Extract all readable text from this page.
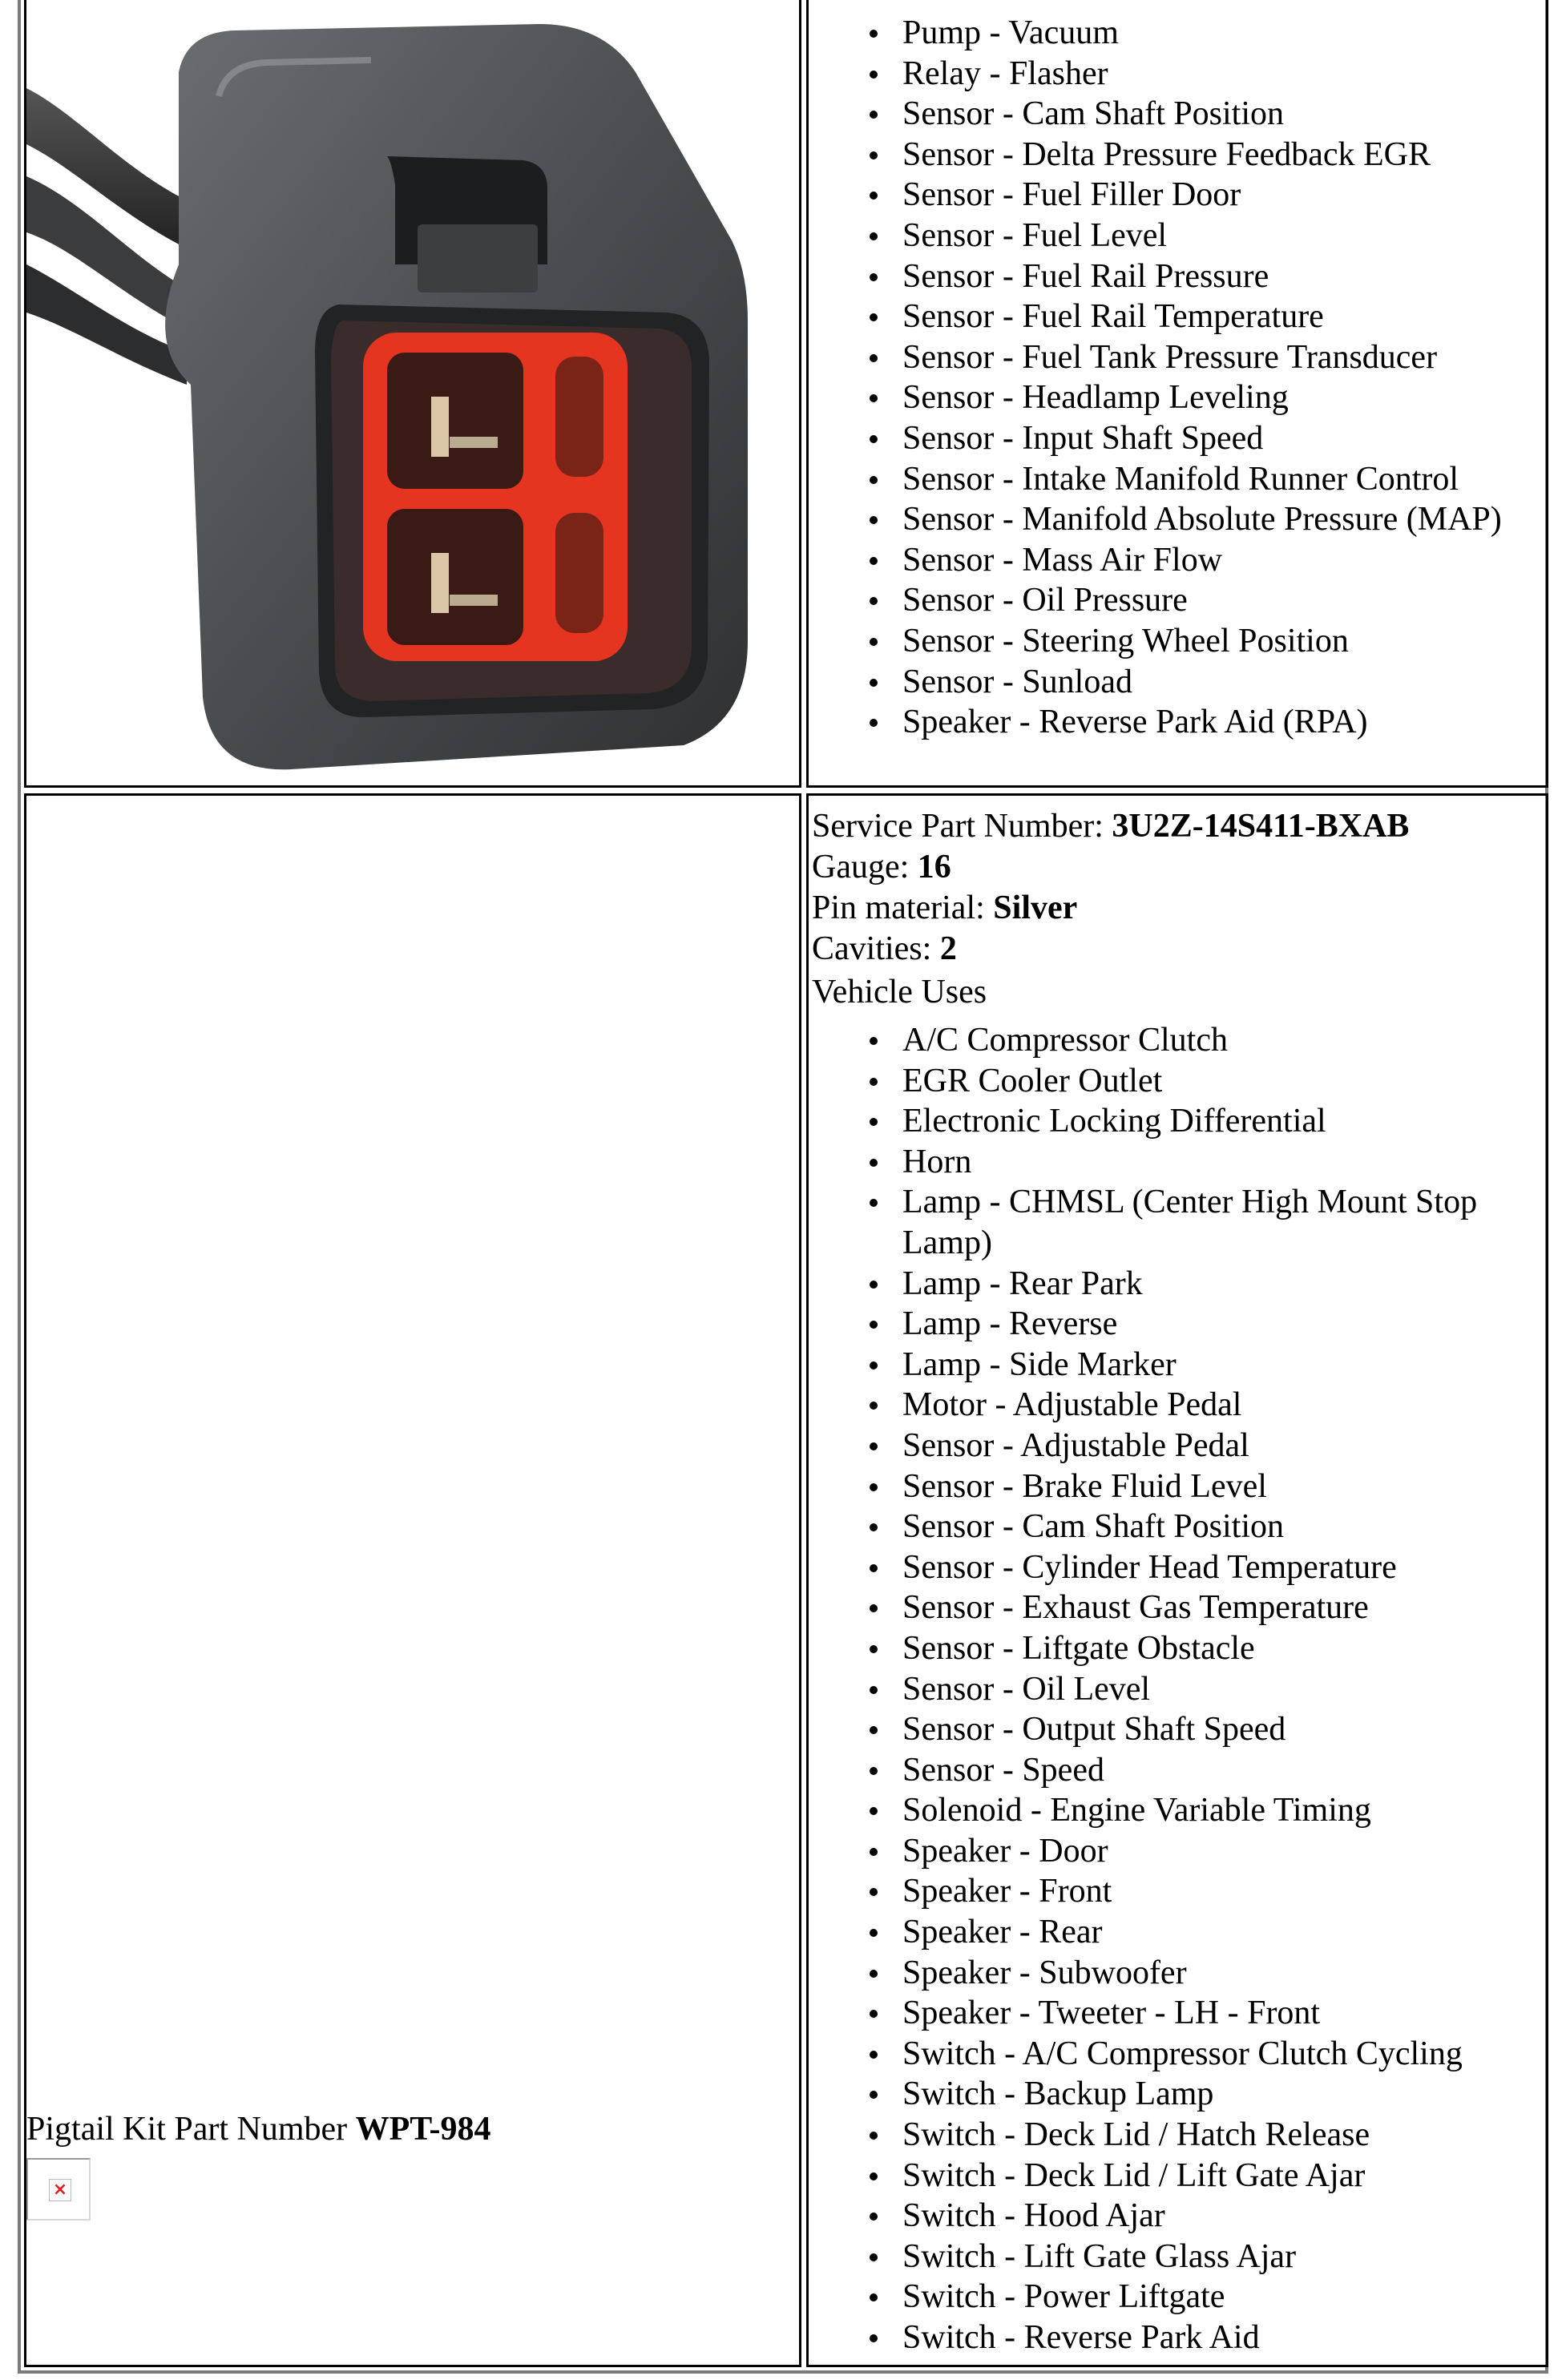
Pump - Vacuum
Relay - Flasher
Sensor - Cam Shaft Position
Sensor - Delta Pressure Feedback EGR
Sensor - Fuel Filler Door
Sensor - Fuel Level
Sensor - Fuel Rail Pressure
Sensor - Fuel Rail Temperature
Sensor - Fuel Tank Pressure Transducer
Sensor - Headlamp Leveling
Sensor - Input Shaft Speed
Sensor - Intake Manifold Runner Control
Sensor - Manifold Absolute Pressure (MAP)
Sensor - Mass Air Flow
Sensor - Oil Pressure
Sensor - Steering Wheel Position
Sensor - Sunload
Speaker - Reverse Park Aid (RPA)
Pigtail Kit Part Number WPT-984
×
Service Part Number: 3U2Z-14S411-BXAB
Gauge: 16
Pin material: Silver
Cavities: 2
Vehicle Uses
A/C Compressor Clutch
EGR Cooler Outlet
Electronic Locking Differential
Horn
Lamp - CHMSL (Center High Mount Stop Lamp)
Lamp - Rear Park
Lamp - Reverse
Lamp - Side Marker
Motor - Adjustable Pedal
Sensor - Adjustable Pedal
Sensor - Brake Fluid Level
Sensor - Cam Shaft Position
Sensor - Cylinder Head Temperature
Sensor - Exhaust Gas Temperature
Sensor - Liftgate Obstacle
Sensor - Oil Level
Sensor - Output Shaft Speed
Sensor - Speed
Solenoid - Engine Variable Timing
Speaker - Door
Speaker - Front
Speaker - Rear
Speaker - Subwoofer
Speaker - Tweeter - LH - Front
Switch - A/C Compressor Clutch Cycling
Switch - Backup Lamp
Switch - Deck Lid / Hatch Release
Switch - Deck Lid / Lift Gate Ajar
Switch - Hood Ajar
Switch - Lift Gate Glass Ajar
Switch - Power Liftgate
Switch - Reverse Park Aid
